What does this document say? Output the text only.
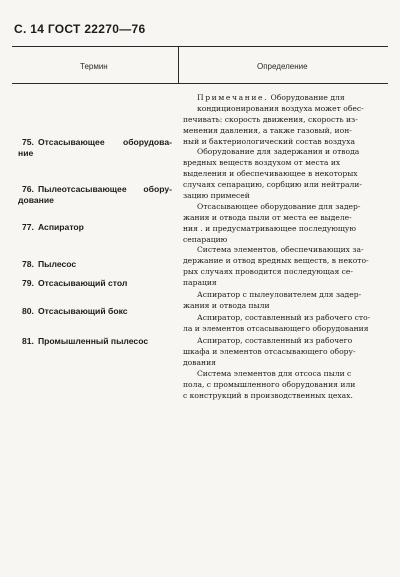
С. 14 ГОСТ 22270—76
Термин	Определение
Примечание. Оборудование для
кондиционирования воздуха может обес-
печивать: скорость движения, скорость из-
менения давления, а также газовый, ион-
ный и бактериологический состав воздуха
75. Отсасывающее оборудова-
ние	Оборудование для задержания и отвода
вредных веществ воздухом от места их
выделения и обеспечивающее в некоторых
случаях сепарацию, сорбцию или нейтрали-
зацию примесей
76. Пылеотсасывающее обору-
дование
Отсасывающее оборудование для задер-
жания и отвода пыли от места ее выделе-
ния . и предусматривающее последующую
сепарацию
77. Аспиратор
Система элементов, обеспечивающих за-
держание и отвод вредных веществ, в некото-
рых случаях проводится последующая се-
парация
78. Пылесос
Аспиратор с пылеуловителем для задер-
жания и отвода пыли
79. Отсасывающий стол
Аспиратор, составленный из рабочего сто-
ла и элементов отсасывающего оборудования
80. Отсасывающий бокс
Аспиратор, составленный из рабочего
шкафа и элементов отсасывающего обору-
дования
81. Промышленный пылесос
Система элементов для отсоса пыли с
пола, с промышленного оборудования или
с конструкций в производственных цехах.
